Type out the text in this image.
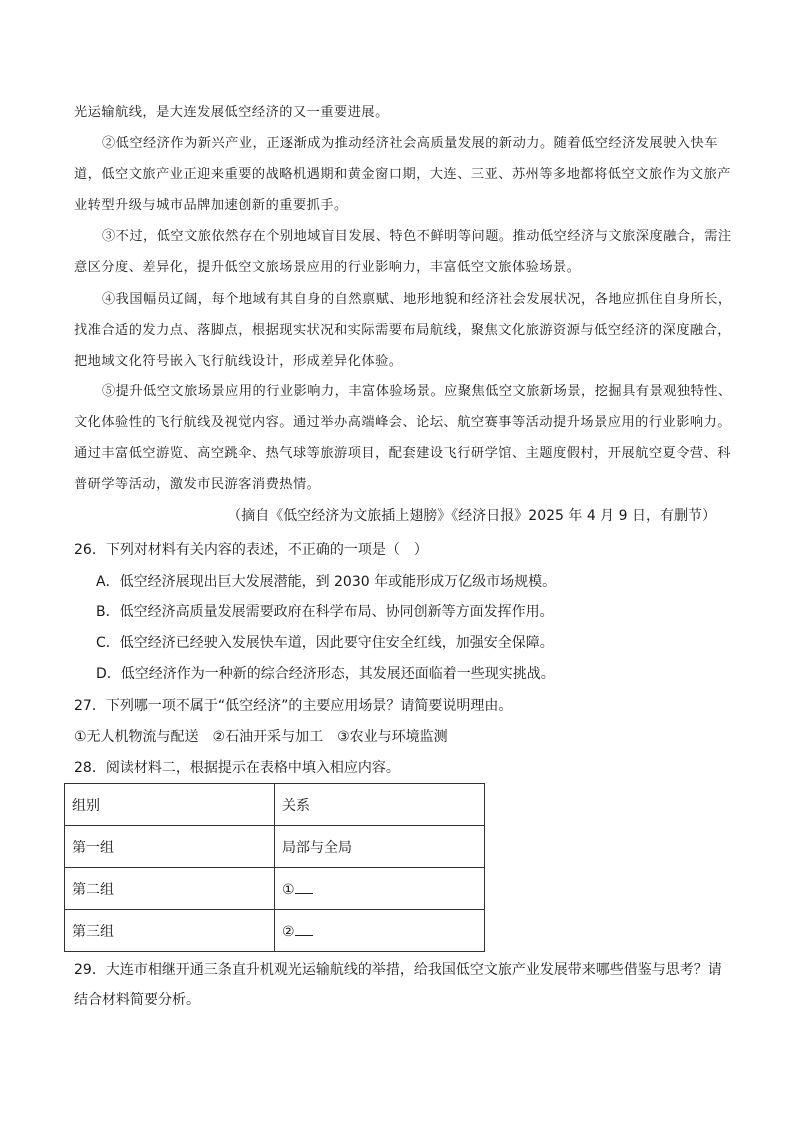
光运输航线，是大连发展低空经济的又一重要进展。
②低空经济作为新兴产业，正逐渐成为推动经济社会高质量发展的新动力。随着低空经济发展驶入快车道，低空文旅产业正迎来重要的战略机遇期和黄金窗口期，大连、三亚、苏州等多地都将低空文旅作为文旅产业转型升级与城市品牌加速创新的重要抓手。
③不过，低空文旅依然存在个别地域盲目发展、特色不鲜明等问题。推动低空经济与文旅深度融合，需注意区分度、差异化，提升低空文旅场景应用的行业影响力，丰富低空文旅体验场景。
④我国幅员辽阔，每个地域有其自身的自然禀赋、地形地貌和经济社会发展状况，各地应抓住自身所长，找准合适的发力点、落脚点，根据现实状况和实际需要布局航线，聚焦文化旅游资源与低空经济的深度融合，把地域文化符号嵌入飞行航线设计，形成差异化体验。
⑤提升低空文旅场景应用的行业影响力，丰富体验场景。应聚焦低空文旅新场景，挖掘具有景观独特性、文化体验性的飞行航线及视觉内容。通过举办高端峰会、论坛、航空赛事等活动提升场景应用的行业影响力。通过丰富低空游览、高空跳伞、热气球等旅游项目，配套建设飞行研学馆、主题度假村，开展航空夏令营、科普研学等活动，激发市民游客消费热情。
（摘自《低空经济为文旅插上翅膀》《经济日报》2025 年 4 月 9 日，有删节）
26．下列对材料有关内容的表述，不正确的一项是（　）
A．低空经济展现出巨大发展潜能，到 2030 年或能形成万亿级市场规模。
B．低空经济高质量发展需要政府在科学布局、协同创新等方面发挥作用。
C．低空经济已经驶入发展快车道，因此要守住安全红线，加强安全保障。
D．低空经济作为一种新的综合经济形态，其发展还面临着一些现实挑战。
27．下列哪一项不属于“低空经济”的主要应用场景？请简要说明理由。
①无人机物流与配送　②石油开采与加工　③农业与环境监测
28．阅读材料二，根据提示在表格中填入相应内容。
组别	关系
第一组	局部与全局
第二组	①
第三组	②
29．大连市相继开通三条直升机观光运输航线的举措，给我国低空文旅产业发展带来哪些借鉴与思考？请
结合材料简要分析。
